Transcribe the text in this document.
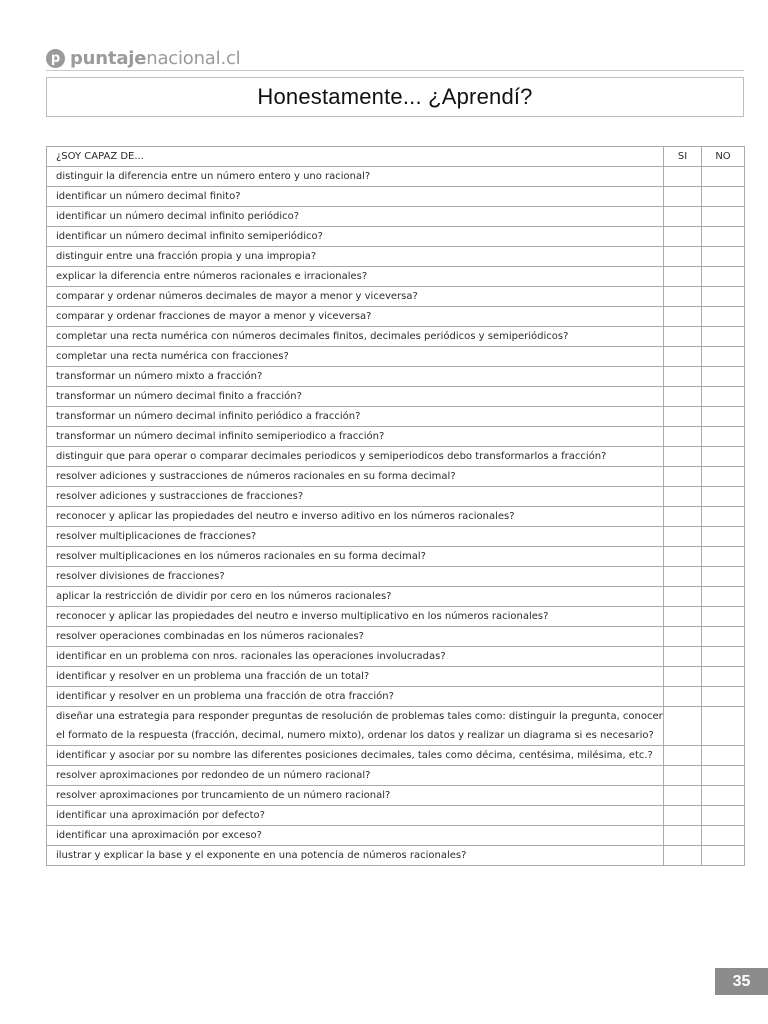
p puntajenacional.cl
Honestamente... ¿Aprendí?
¿SOY CAPAZ DE...	SI	NO
distinguir la diferencia entre un número entero y uno racional?		
identificar un número decimal finito?		
identificar un número decimal infinito periódico?		
identificar un número decimal infinito semiperiódico?		
distinguir entre una fracción propia y una impropia?		
explicar la diferencia entre números racionales e irracionales?		
comparar y ordenar números decimales de mayor a menor y viceversa?		
comparar y ordenar fracciones de mayor a menor y viceversa?		
completar una recta numérica con números decimales finitos, decimales periódicos y semiperiódicos?		
completar una recta numérica con fracciones?		
transformar un número mixto a fracción?		
transformar un número decimal finito a fracción?		
transformar un número decimal infinito periódico a fracción?		
transformar un número decimal infinito semiperiodico a fracción?		
distinguir que para operar o comparar decimales periodicos y semiperiodicos debo transformarlos a fracción?		
resolver adiciones y sustracciones de números racionales en su forma decimal?		
resolver adiciones y sustracciones de fracciones?		
reconocer y aplicar las propiedades del neutro e inverso aditivo en los números racionales?		
resolver multiplicaciones de fracciones?		
resolver multiplicaciones en los números racionales en su forma decimal?		
resolver divisiones de fracciones?		
aplicar la restricción de dividir por cero en los números racionales?		
reconocer y aplicar las propiedades del neutro e inverso multiplicativo en los números racionales?		
resolver operaciones combinadas en los números racionales?		
identificar en un problema con nros. racionales las operaciones involucradas?		
identificar y resolver en un problema una fracción de un total?		
identificar y resolver en un problema una fracción de otra fracción?		
diseñar una estrategia para responder preguntas de resolución de problemas tales como: distinguir la pregunta, conocer el formato de la respuesta (fracción, decimal, numero mixto), ordenar los datos y realizar un diagrama si es necesario?		
identificar y asociar por su nombre las diferentes posiciones decimales, tales como décima, centésima, milésima, etc.?		
resolver aproximaciones por redondeo de un número racional?		
resolver aproximaciones por truncamiento de un número racional?		
identificar una aproximación por defecto?		
identificar una aproximación por exceso?		
ilustrar y explicar la base y el exponente en una potencia de números racionales?		
35
